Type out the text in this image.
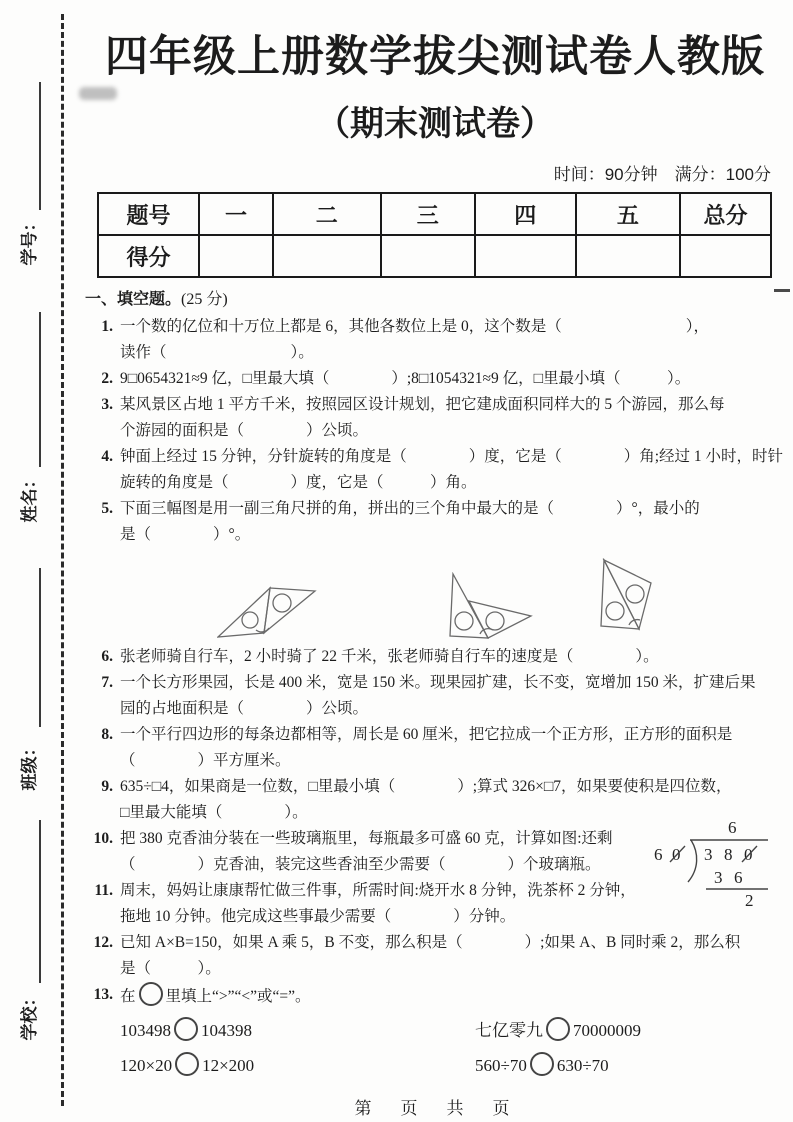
学号：
姓名：
班级：
学校：
四年级上册数学拔尖测试卷人教版
（期末测试卷）
时间：90分钟　满分：100分
题号	一	二	三	四	五	总分
得分						
一、填空题。(25 分)
1. 一个数的亿位和十万位上都是 6，其他各数位上是 0，这个数是（　　　　　　　　），
读作（　　　　　　　　）。
2. 9□0654321≈9 亿，□里最大填（　　　　）;8□1054321≈9 亿，□里最小填（　　　）。
3. 某风景区占地 1 平方千米，按照园区设计规划，把它建成面积同样大的 5 个游园，那么每
个游园的面积是（　　　　）公顷。
4. 钟面上经过 15 分钟，分针旋转的角度是（　　　　）度，它是（　　　　）角;经过 1 小时，时针
旋转的角度是（　　　　）度，它是（　　　）角。
5. 下面三幅图是用一副三角尺拼的角，拼出的三个角中最大的是（　　　　）°，最小的
是（　　　　）°。
6. 张老师骑自行车，2 小时骑了 22 千米，张老师骑自行车的速度是（　　　　）。
7. 一个长方形果园，长是 400 米，宽是 150 米。现果园扩建，长不变，宽增加 150 米，扩建后果
园的占地面积是（　　　　）公顷。
8. 一个平行四边形的每条边都相等，周长是 60 厘米，把它拉成一个正方形，正方形的面积是
（　　　　）平方厘米。
9. 635÷□4，如果商是一位数，□里最小填（　　　　）;算式 326×□7，如果要使积是四位数，
□里最大能填（　　　　）。
10. 把 380 克香油分装在一些玻璃瓶里，每瓶最多可盛 60 克，计算如图:还剩
（　　　　）克香油，装完这些香油至少需要（　　　　）个玻璃瓶。
11. 周末，妈妈让康康帮忙做三件事，所需时间:烧开水 8 分钟，洗茶杯 2 分钟，
拖地 10 分钟。他完成这些事最少需要（　　　　）分钟。
12. 已知 A×B=150，如果 A 乘 5，B 不变，那么积是（　　　　）;如果 A、B 同时乘 2，那么积
是（　　　）。
13. 在 里填上“>”“<”或“=”。
103498 104398	七亿零九 70000009
120×20 12×200	560÷70 630÷70
第　页　共　页
6
6 0 3 8 0
3 6
2
